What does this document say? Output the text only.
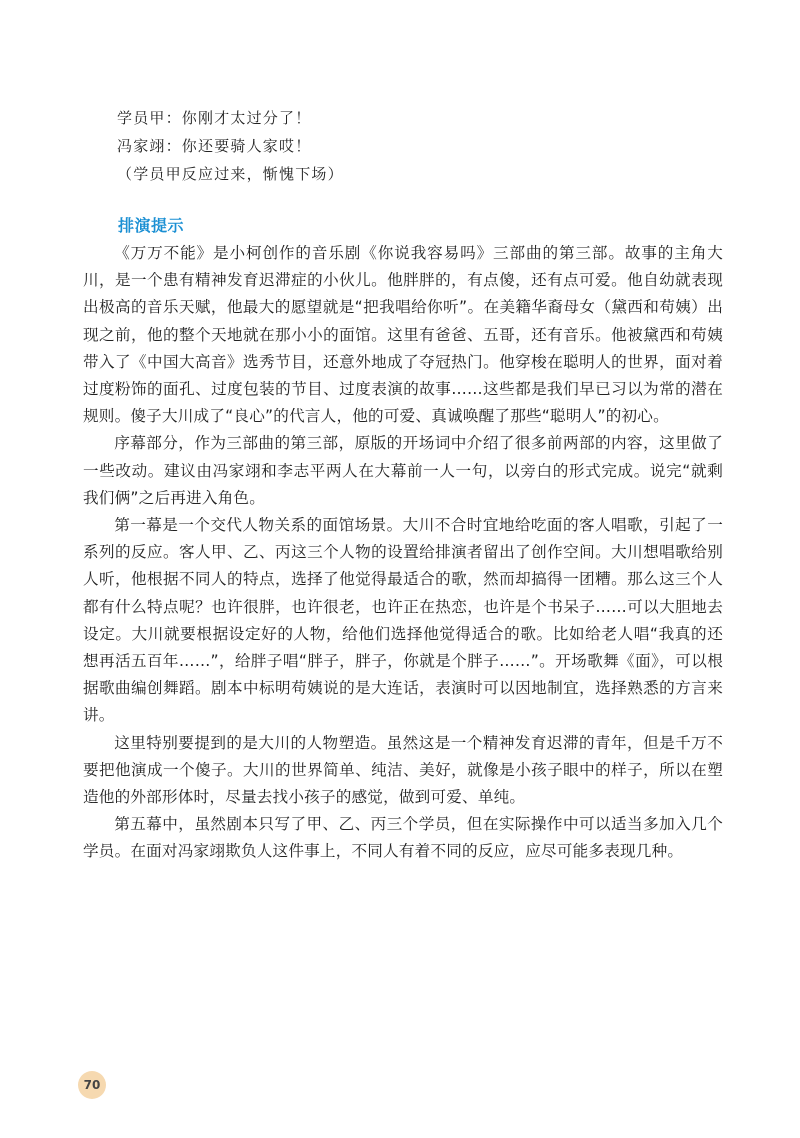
学员甲：你刚才太过分了！

冯家翊：你还要骑人家哎！

（学员甲反应过来，惭愧下场）

排演提示

《万万不能》是小柯创作的音乐剧《你说我容易吗》三部曲的第三部。故事的主角大川，是一个患有精神发育迟滞症的小伙儿。他胖胖的，有点傻，还有点可爱。他自幼就表现出极高的音乐天赋，他最大的愿望就是“把我唱给你听”。在美籍华裔母女（黛西和苟姨）出现之前，他的整个天地就在那小小的面馆。这里有爸爸、五哥，还有音乐。他被黛西和苟姨带入了《中国大高音》选秀节目，还意外地成了夺冠热门。他穿梭在聪明人的世界，面对着过度粉饰的面孔、过度包装的节目、过度表演的故事……这些都是我们早已习以为常的潜在规则。傻子大川成了“良心”的代言人，他的可爱、真诚唤醒了那些“聪明人”的初心。

序幕部分，作为三部曲的第三部，原版的开场词中介绍了很多前两部的内容，这里做了一些改动。建议由冯家翊和李志平两人在大幕前一人一句，以旁白的形式完成。说完“就剩我们俩”之后再进入角色。

第一幕是一个交代人物关系的面馆场景。大川不合时宜地给吃面的客人唱歌，引起了一系列的反应。客人甲、乙、丙这三个人物的设置给排演者留出了创作空间。大川想唱歌给别人听，他根据不同人的特点，选择了他觉得最适合的歌，然而却搞得一团糟。那么这三个人都有什么特点呢？也许很胖，也许很老，也许正在热恋，也许是个书呆子……可以大胆地去设定。大川就要根据设定好的人物，给他们选择他觉得适合的歌。比如给老人唱“我真的还想再活五百年……”，给胖子唱“胖子，胖子，你就是个胖子……”。开场歌舞《面》，可以根据歌曲编创舞蹈。剧本中标明苟姨说的是大连话，表演时可以因地制宜，选择熟悉的方言来讲。

这里特别要提到的是大川的人物塑造。虽然这是一个精神发育迟滞的青年，但是千万不要把他演成一个傻子。大川的世界简单、纯洁、美好，就像是小孩子眼中的样子，所以在塑造他的外部形体时，尽量去找小孩子的感觉，做到可爱、单纯。

第五幕中，虽然剧本只写了甲、乙、丙三个学员，但在实际操作中可以适当多加入几个学员。在面对冯家翊欺负人这件事上，不同人有着不同的反应，应尽可能多表现几种。

70
